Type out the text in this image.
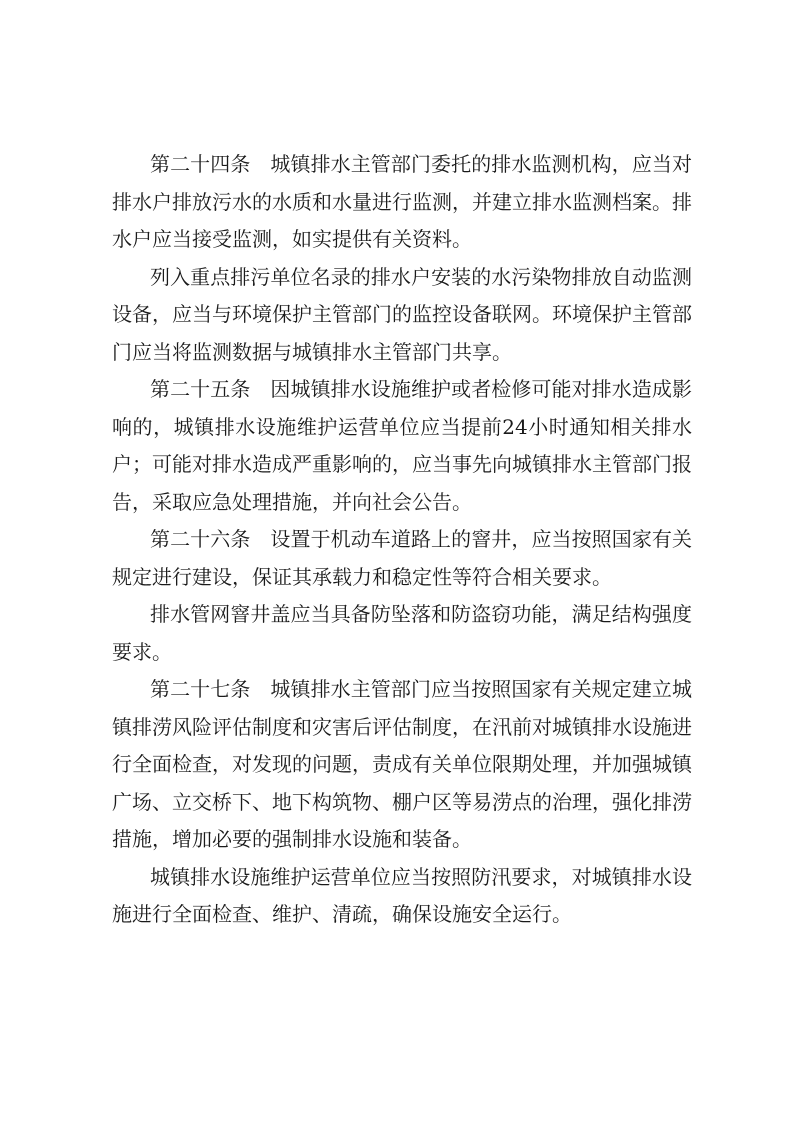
第二十四条 城镇排水主管部门委托的排水监测机构，应当对排水户排放污水的水质和水量进行监测，并建立排水监测档案。排水户应当接受监测，如实提供有关资料。

列入重点排污单位名录的排水户安装的水污染物排放自动监测设备，应当与环境保护主管部门的监控设备联网。环境保护主管部门应当将监测数据与城镇排水主管部门共享。

第二十五条 因城镇排水设施维护或者检修可能对排水造成影响的，城镇排水设施维护运营单位应当提前24小时通知相关排水户；可能对排水造成严重影响的，应当事先向城镇排水主管部门报告，采取应急处理措施，并向社会公告。

第二十六条 设置于机动车道路上的窨井，应当按照国家有关规定进行建设，保证其承载力和稳定性等符合相关要求。

排水管网窨井盖应当具备防坠落和防盗窃功能，满足结构强度要求。

第二十七条 城镇排水主管部门应当按照国家有关规定建立城镇排涝风险评估制度和灾害后评估制度，在汛前对城镇排水设施进行全面检查，对发现的问题，责成有关单位限期处理，并加强城镇广场、立交桥下、地下构筑物、棚户区等易涝点的治理，强化排涝措施，增加必要的强制排水设施和装备。

城镇排水设施维护运营单位应当按照防汛要求，对城镇排水设施进行全面检查、维护、清疏，确保设施安全运行。
